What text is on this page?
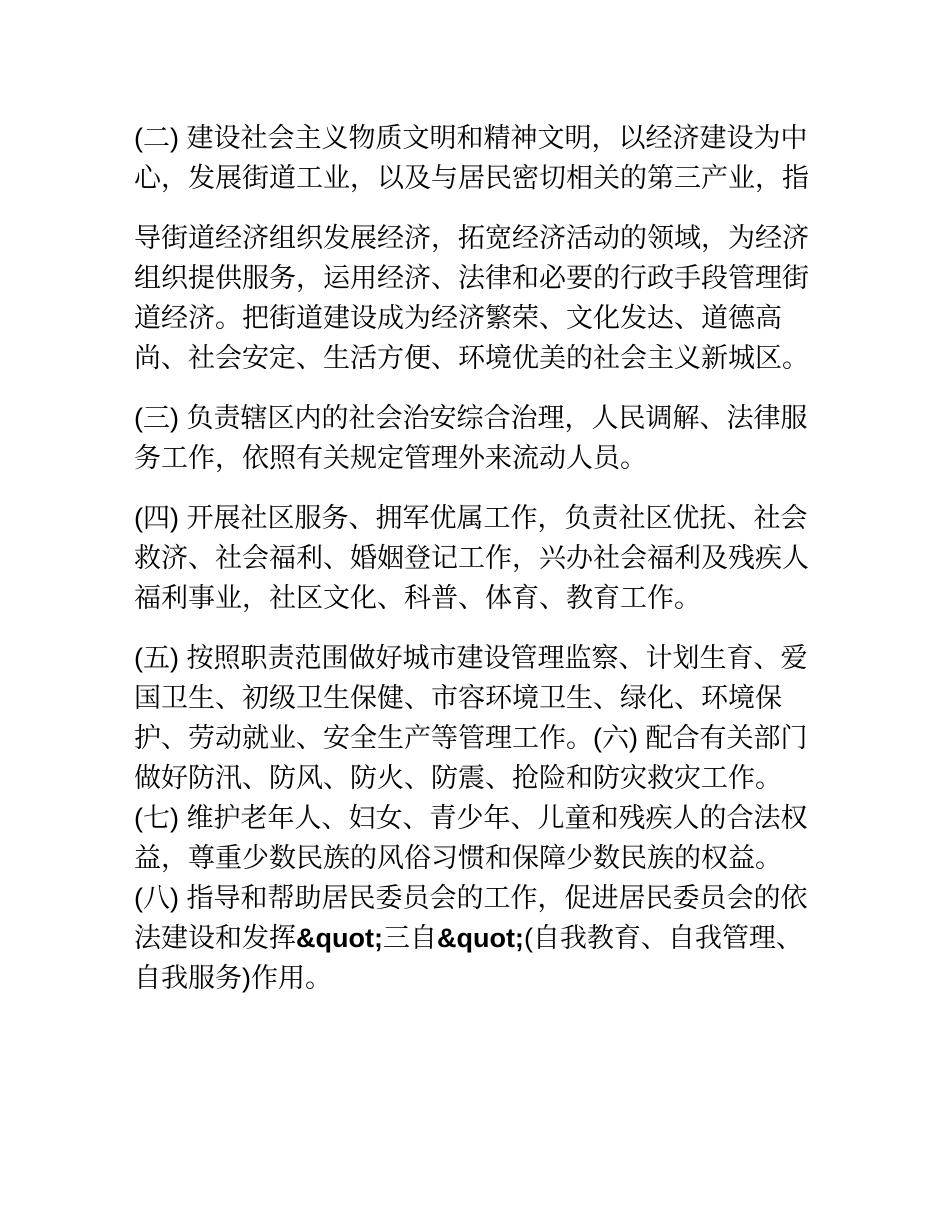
(二) 建设社会主义物质文明和精神文明，以经济建设为中心，发展街道工业，以及与居民密切相关的第三产业，指

导街道经济组织发展经济，拓宽经济活动的领域，为经济组织提供服务，运用经济、法律和必要的行政手段管理街道经济。把街道建设成为经济繁荣、文化发达、道德高尚、社会安定、生活方便、环境优美的社会主义新城区。

(三) 负责辖区内的社会治安综合治理，人民调解、法律服务工作，依照有关规定管理外来流动人员。

(四) 开展社区服务、拥军优属工作，负责社区优抚、社会救济、社会福利、婚姻登记工作，兴办社会福利及残疾人福利事业，社区文化、科普、体育、教育工作。

(五) 按照职责范围做好城市建设管理监察、计划生育、爱国卫生、初级卫生保健、市容环境卫生、绿化、环境保护、劳动就业、安全生产等管理工作。(六) 配合有关部门做好防汛、防风、防火、防震、抢险和防灾救灾工作。 (七) 维护老年人、妇女、青少年、儿童和残疾人的合法权益，尊重少数民族的风俗习惯和保障少数民族的权益。 (八) 指导和帮助居民委员会的工作，促进居民委员会的依法建设和发挥&quot;三自&quot;(自我教育、自我管理、自我服务)作用。
